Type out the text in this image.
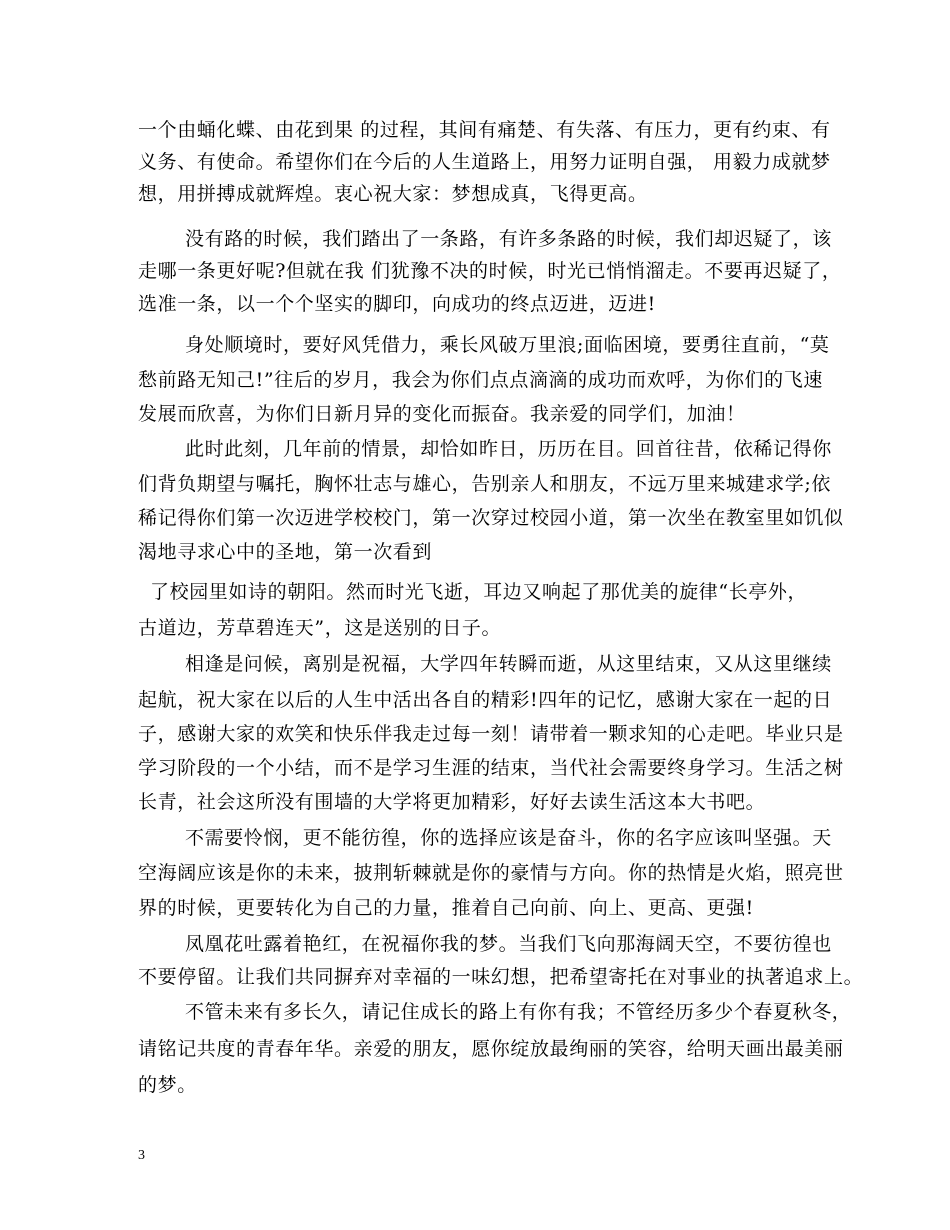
一个由蛹化蝶、由花到果 的过程，其间有痛楚、有失落、有压力，更有约束、有
义务、有使命。希望你们在今后的人生道路上，用努力证明自强， 用毅力成就梦
想，用拼搏成就辉煌。衷心祝大家：梦想成真，飞得更高。
没有路的时候，我们踏出了一条路，有许多条路的时候，我们却迟疑了，该
走哪一条更好呢?但就在我 们犹豫不决的时候，时光已悄悄溜走。不要再迟疑了，
选准一条，以一个个坚实的脚印，向成功的终点迈进，迈进!
身处顺境时，要好风凭借力，乘长风破万里浪;面临困境，要勇往直前，“莫
愁前路无知己!”往后的岁月，我会为你们点点滴滴的成功而欢呼，为你们的飞速
发展而欣喜，为你们日新月异的变化而振奋。我亲爱的同学们，加油！
此时此刻，几年前的情景，却恰如昨日，历历在目。回首往昔，依稀记得你
们背负期望与嘱托，胸怀壮志与雄心，告别亲人和朋友，不远万里来城建求学;依
稀记得你们第一次迈进学校校门，第一次穿过校园小道，第一次坐在教室里如饥似
渴地寻求心中的圣地，第一次看到
了校园里如诗的朝阳。然而时光飞逝，耳边又响起了那优美的旋律“长亭外，
古道边，芳草碧连天”，这是送别的日子。
相逢是问候，离别是祝福，大学四年转瞬而逝，从这里结束，又从这里继续
起航，祝大家在以后的人生中活出各自的精彩!四年的记忆，感谢大家在一起的日
子，感谢大家的欢笑和快乐伴我走过每一刻！请带着一颗求知的心走吧。毕业只是
学习阶段的一个小结，而不是学习生涯的结束，当代社会需要终身学习。生活之树
长青，社会这所没有围墙的大学将更加精彩，好好去读生活这本大书吧。
不需要怜悯，更不能彷徨，你的选择应该是奋斗，你的名字应该叫坚强。天
空海阔应该是你的未来，披荆斩棘就是你的豪情与方向。你的热情是火焰，照亮世
界的时候，更要转化为自己的力量，推着自己向前、向上、更高、更强!
凤凰花吐露着艳红，在祝福你我的梦。当我们飞向那海阔天空，不要彷徨也
不要停留。让我们共同摒弃对幸福的一味幻想，把希望寄托在对事业的执著追求上。
不管未来有多长久，请记住成长的路上有你有我；不管经历多少个春夏秋冬，
请铭记共度的青春年华。亲爱的朋友，愿你绽放最绚丽的笑容，给明天画出最美丽
的梦。
3
